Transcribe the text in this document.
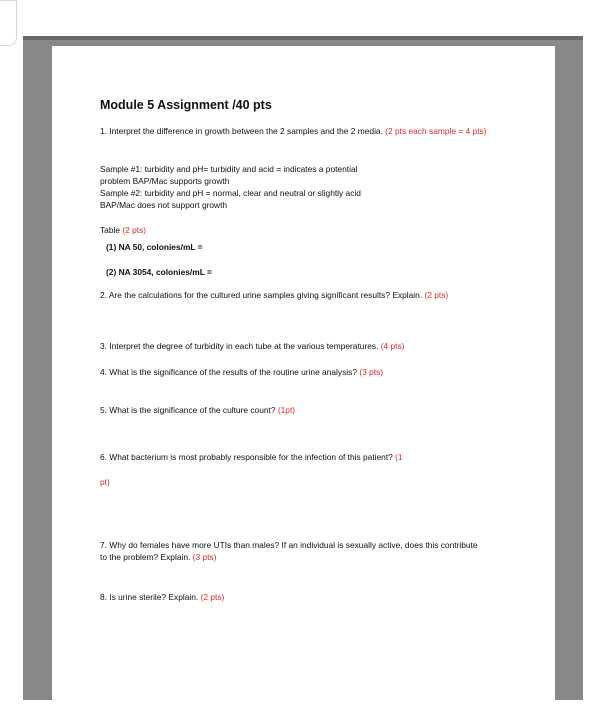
Module 5 Assignment /40 pts
1. Interpret the difference in growth between the 2 samples and the 2 media. (2 pts each sample = 4 pts)
Sample #1: turbidity and pH= turbidity and acid = indicates a potential
problem BAP/Mac supports growth
Sample #2: turbidity and pH = normal, clear and neutral or slightly acid
BAP/Mac does not support growth
Table (2 pts)
(1) NA 50, colonies/mL =
(2) NA 3054, colonies/mL =
2. Are the calculations for the cultured urine samples giving significant results? Explain. (2 pts)
3. Interpret the degree of turbidity in each tube at the various temperatures. (4 pts)
4. What is the significance of the results of the routine urine analysis? (3 pts)
5. What is the significance of the culture count? (1pt)
6. What bacterium is most probably responsible for the infection of this patient? (1
pt)
7. Why do females have more UTIs than males? If an individual is sexually active, does this contribute
to the problem? Explain. (3 pts)
8. Is urine sterile? Explain. (2 pts)
